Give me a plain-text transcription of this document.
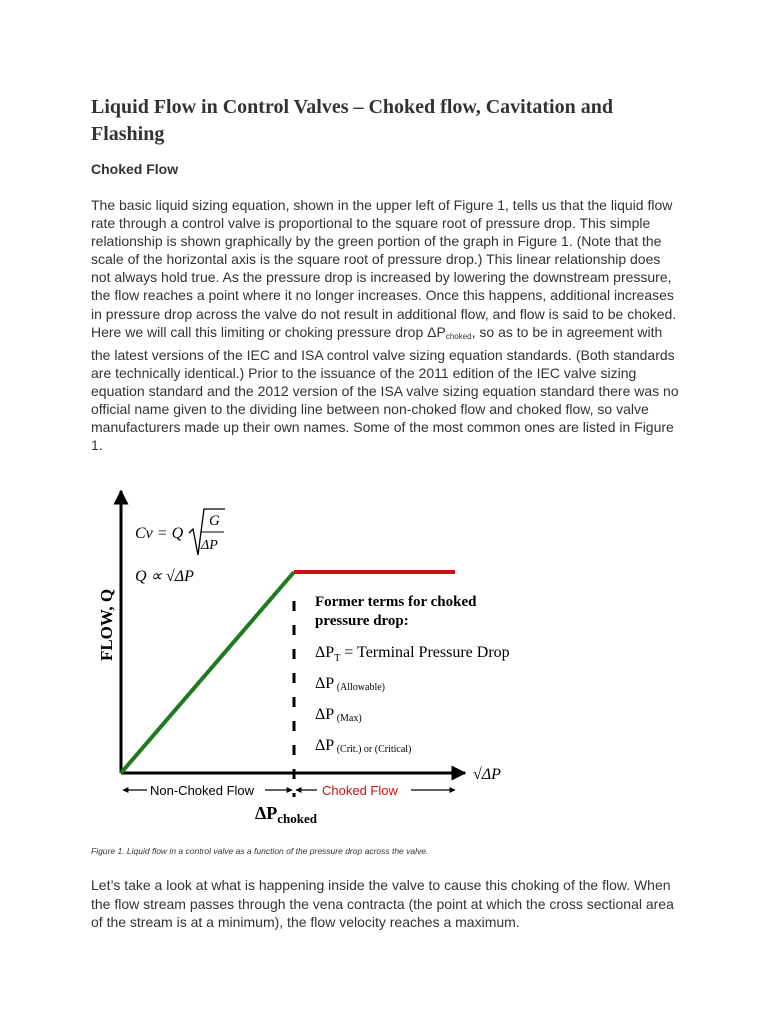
Liquid Flow in Control Valves – Choked flow, Cavitation and Flashing
Choked Flow

The basic liquid sizing equation, shown in the upper left of Figure 1, tells us that the liquid flow rate through a control valve is proportional to the square root of pressure drop. This simple relationship is shown graphically by the green portion of the graph in Figure 1. (Note that the scale of the horizontal axis is the square root of pressure drop.) This linear relationship does not always hold true. As the pressure drop is increased by lowering the downstream pressure, the flow reaches a point where it no longer increases. Once this happens, additional increases in pressure drop across the valve do not result in additional flow, and flow is said to be choked. Here we will call this limiting or choking pressure drop $\Delta P_{choked}$, so as to be in agreement with the latest versions of the IEC and ISA control valve sizing equation standards. (Both standards are technically identical.) Prior to the issuance of the 2011 edition of the IEC valve sizing equation standard and the 2012 version of the ISA valve sizing equation standard there was no official name given to the dividing line between non-choked flow and choked flow, so valve manufacturers made up their own names. Some of the most common ones are listed in Figure 1.

FLOW, Q
√ΔP
Cv = Q
G
ΔP
Q ∝ √ΔP
Non-Choked Flow	Choked Flow
$\Delta P_{choked}$
Former terms for choked
pressure drop:
$\Delta P_T$ = Terminal Pressure Drop
ΔP (Allowable)
ΔP (Max)
ΔP (Crit.) or (Critical)

Figure 1. Liquid flow in a control valve as a function of the pressure drop across the valve.

Let’s take a look at what is happening inside the valve to cause this choking of the flow. When the flow stream passes through the vena contracta (the point at which the cross sectional area of the stream is at a minimum), the flow velocity reaches a maximum.
